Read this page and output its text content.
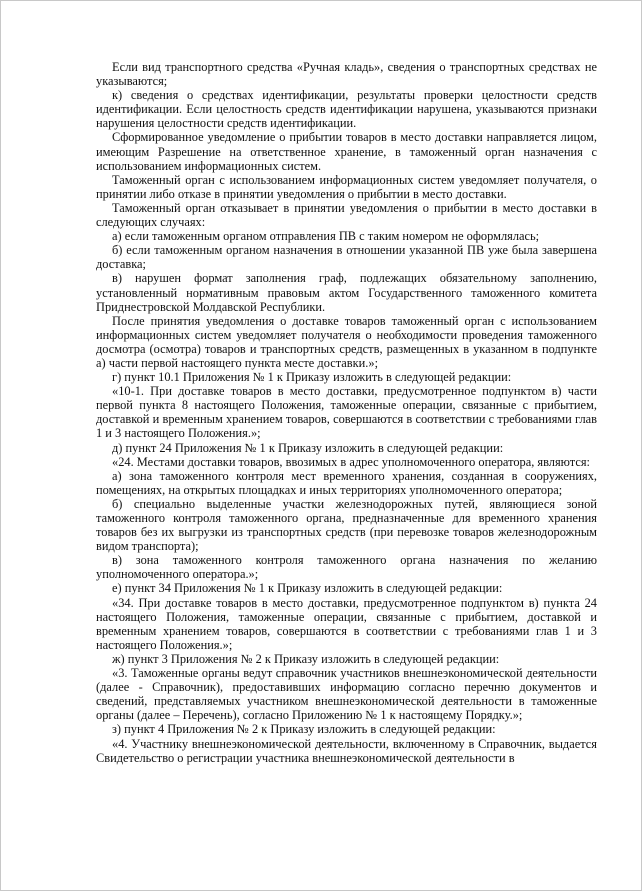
Если вид транспортного средства «Ручная кладь», сведения о транспортных средствах не указываются;

к) сведения о средствах идентификации, результаты проверки целостности средств идентификации. Если целостность средств идентификации нарушена, указываются признаки нарушения целостности средств идентификации.

Сформированное уведомление о прибытии товаров в место доставки направляется лицом, имеющим Разрешение на ответственное хранение, в таможенный орган назначения с использованием информационных систем.

Таможенный орган с использованием информационных систем уведомляет получателя, о принятии либо отказе в принятии уведомления о прибытии в место доставки.

Таможенный орган отказывает в принятии уведомления о прибытии в место доставки в следующих случаях:

а) если таможенным органом отправления ПВ с таким номером не оформлялась;

б) если таможенным органом назначения в отношении указанной ПВ уже была завершена доставка;

в) нарушен формат заполнения граф, подлежащих обязательному заполнению, установленный нормативным правовым актом Государственного таможенного комитета Приднестровской Молдавской Республики.

После принятия уведомления о доставке товаров таможенный орган с использованием информационных систем уведомляет получателя о необходимости проведения таможенного досмотра (осмотра) товаров и транспортных средств, размещенных в указанном в подпункте а) части первой настоящего пункта месте доставки.»;

г) пункт 10.1 Приложения № 1 к Приказу изложить в следующей редакции:

«10-1. При доставке товаров в место доставки, предусмотренное подпунктом в) части первой пункта 8 настоящего Положения, таможенные операции, связанные с прибытием, доставкой и временным хранением товаров, совершаются в соответствии с требованиями глав 1 и 3 настоящего Положения.»;

д) пункт 24 Приложения № 1 к Приказу изложить в следующей редакции:

«24. Местами доставки товаров, ввозимых в адрес уполномоченного оператора, являются:

а) зона таможенного контроля мест временного хранения, созданная в сооружениях, помещениях, на открытых площадках и иных территориях уполномоченного оператора;

б) специально выделенные участки железнодорожных путей, являющиеся зоной таможенного контроля таможенного органа, предназначенные для временного хранения товаров без их выгрузки из транспортных средств (при перевозке товаров железнодорожным видом транспорта);

в) зона таможенного контроля таможенного органа назначения по желанию уполномоченного оператора.»;

е) пункт 34 Приложения № 1 к Приказу изложить в следующей редакции:

«34. При доставке товаров в место доставки, предусмотренное подпунктом в) пункта 24 настоящего Положения, таможенные операции, связанные с прибытием, доставкой и временным хранением товаров, совершаются в соответствии с требованиями глав 1 и 3 настоящего Положения.»;

ж) пункт 3 Приложения № 2 к Приказу изложить в следующей редакции:

«3. Таможенные органы ведут справочник участников внешнеэкономической деятельности (далее - Справочник), предоставивших информацию согласно перечню документов и сведений, представляемых участником внешнеэкономической деятельности в таможенные органы (далее – Перечень), согласно Приложению № 1 к настоящему Порядку.»;

з) пункт 4 Приложения № 2 к Приказу изложить в следующей редакции:

«4. Участнику внешнеэкономической деятельности, включенному в Справочник, выдается Свидетельство о регистрации участника внешнеэкономической деятельности в
